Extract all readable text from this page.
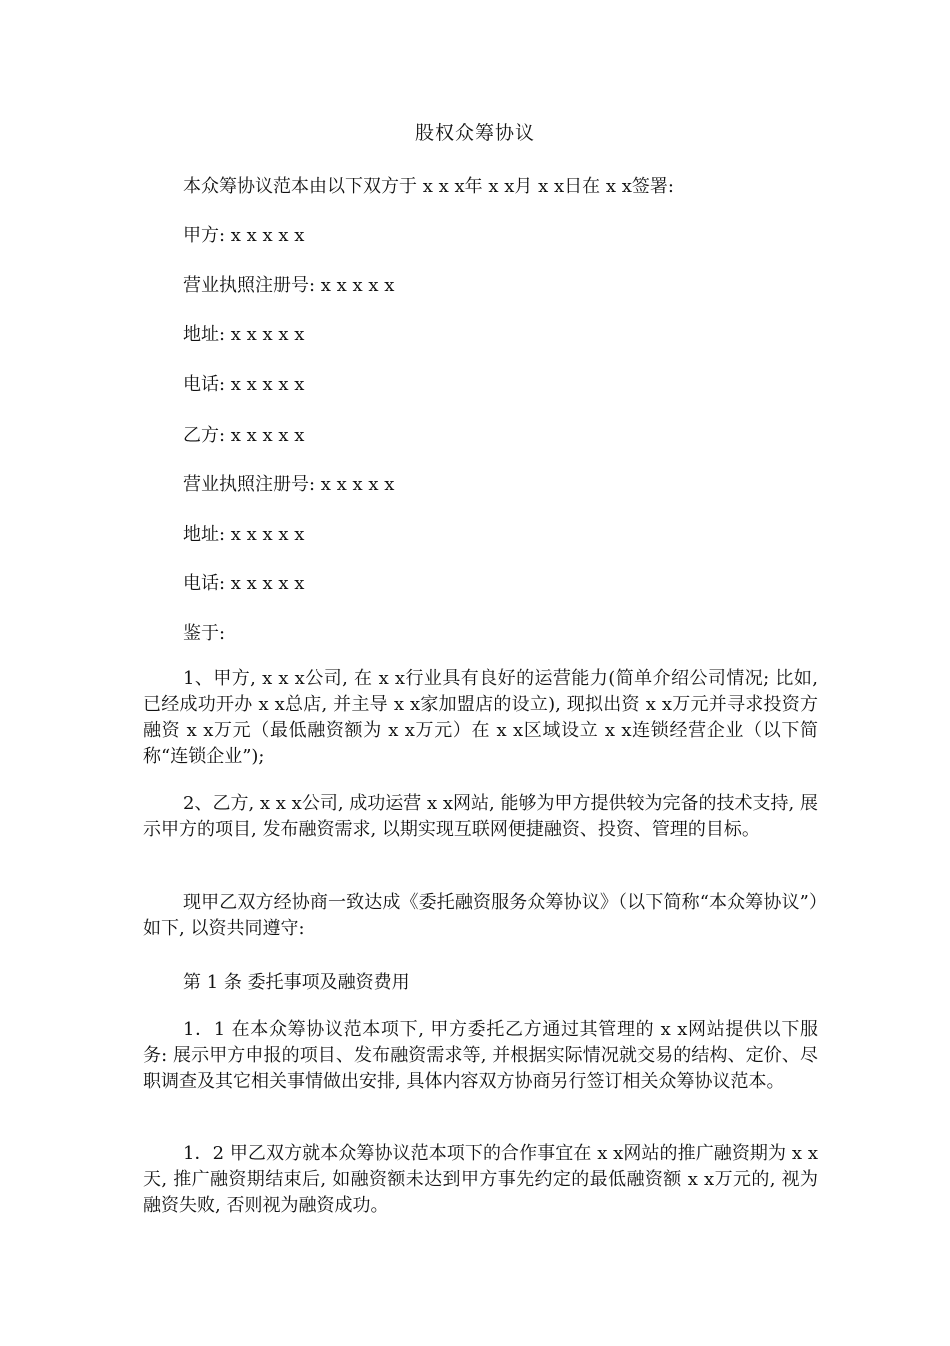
股权众筹协议
本众筹协议范本由以下双方于 x x x年 x x月 x x日在 x x签署:
甲方: x x x x x
营业执照注册号: x x x x x
地址: x x x x x
电话: x x x x x
乙方: x x x x x
营业执照注册号: x x x x x
地址: x x x x x
电话: x x x x x
鉴于:
1、甲方, x x x公司, 在 x x行业具有良好的运营能力(简单介绍公司情况; 比如, 已经成功开办 x x总店, 并主导 x x家加盟店的设立), 现拟出资 x x万元并寻求投资方融资 x x万元（最低融资额为 x x万元）在 x x区域设立 x x连锁经营企业（以下简称“连锁企业”);
2、乙方, x x x公司, 成功运营 x x网站, 能够为甲方提供较为完备的技术支持, 展示甲方的项目, 发布融资需求, 以期实现互联网便捷融资、投资、管理的目标。
现甲乙双方经协商一致达成《委托融资服务众筹协议》（以下简称“本众筹协议”）如下, 以资共同遵守:
第 1 条 委托事项及融资费用
1．1 在本众筹协议范本项下, 甲方委托乙方通过其管理的 x x网站提供以下服务: 展示甲方申报的项目、发布融资需求等, 并根据实际情况就交易的结构、定价、尽职调查及其它相关事情做出安排, 具体内容双方协商另行签订相关众筹协议范本。
1．2 甲乙双方就本众筹协议范本项下的合作事宜在 x x网站的推广融资期为 x x天, 推广融资期结束后, 如融资额未达到甲方事先约定的最低融资额 x x万元的, 视为融资失败, 否则视为融资成功。
